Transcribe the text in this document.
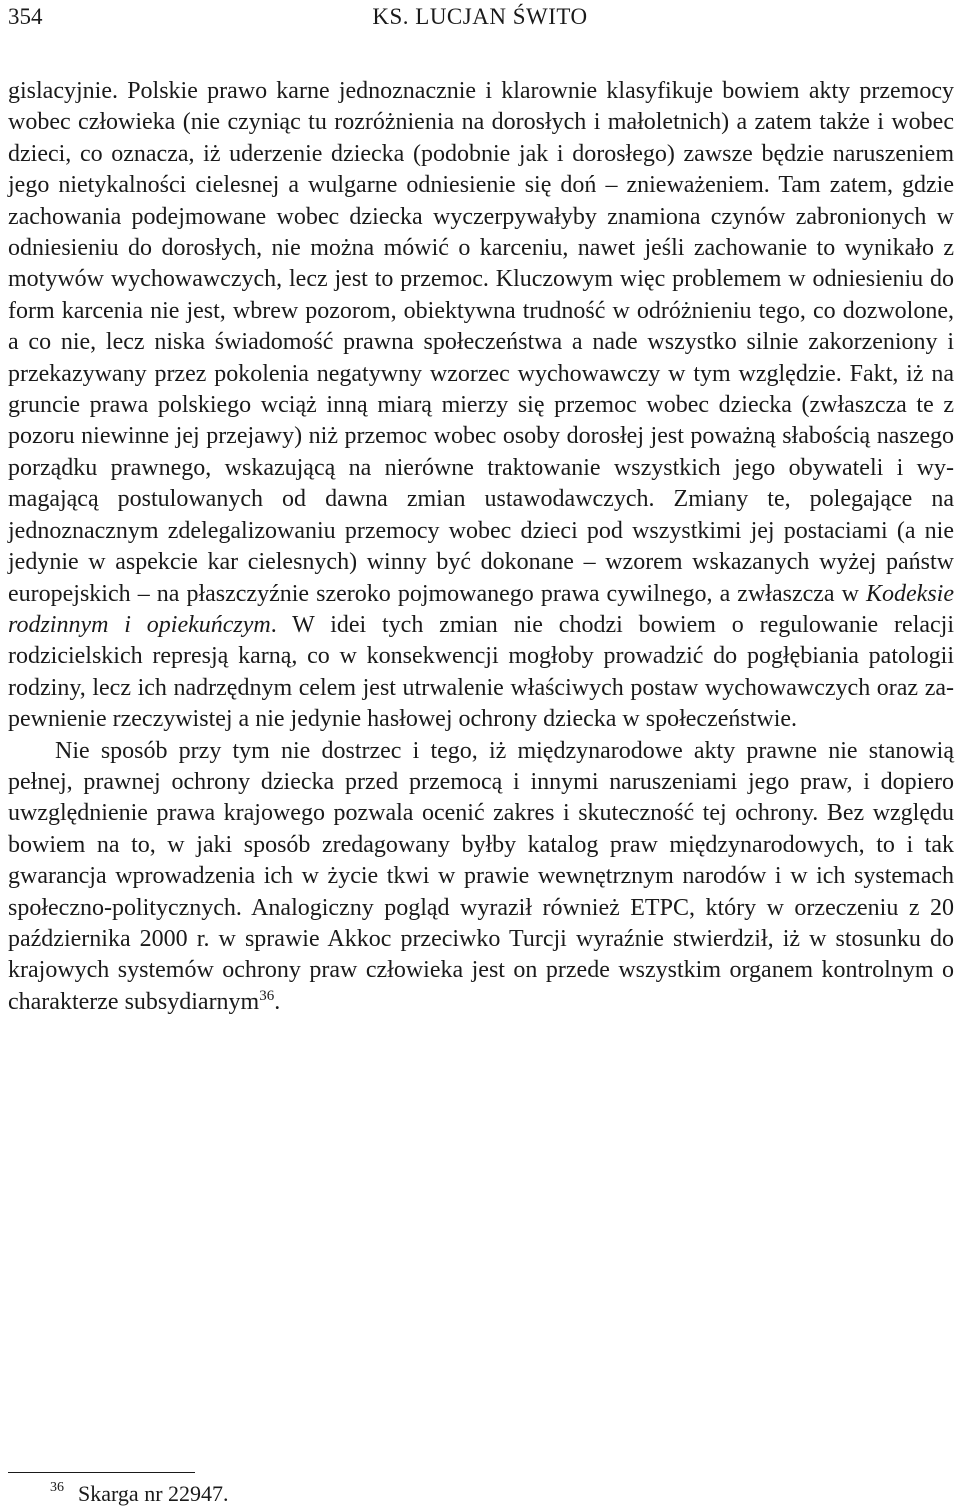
354	KS. LUCJAN ŚWITO

gislacyjnie. Polskie prawo karne jednoznacznie i klarownie klasyfikuje bowiem akty przemocy wobec człowieka (nie czyniąc tu rozróżnienia na dorosłych i małoletnich) a zatem także i wobec dzieci, co oznacza, iż uderzenie dziecka (podobnie jak i dorosłego) zawsze będzie naruszeniem jego nietykalności cielesnej a wulgarne odniesienie się doń – znieważeniem. Tam zatem, gdzie zachowania podejmowane wobec dziecka wyczerpywałyby znamiona czynów zabronionych w odniesieniu do dorosłych, nie można mówić o karceniu, nawet jeśli zachowanie to wynikało z motywów wychowawczych, lecz jest to przemoc. Kluczowym więc problemem w odniesieniu do form karcenia nie jest, wbrew pozorom, obiektywna trudność w odróżnieniu tego, co dozwolone, a co nie, lecz niska świadomość prawna społeczeństwa a nade wszystko silnie zakorzeniony i przekazywany przez pokolenia negatywny wzorzec wychowawczy w tym względzie. Fakt, iż na gruncie prawa polskiego wciąż inną miarą mierzy się przemoc wobec dziecka (zwłaszcza te z pozoru niewinne jej przejawy) niż przemoc wobec osoby dorosłej jest poważną słabością naszego porządku prawnego, wskazującą na nierówne traktowanie wszystkich jego obywateli i wymagającą postulowanych od dawna zmian ustawodawczych. Zmiany te, polegające na jednoznacznym zdelegalizowaniu przemocy wobec dzieci pod wszystkimi jej postaciami (a nie jedynie w aspekcie kar cielesnych) winny być dokonane – wzorem wskazanych wyżej państw europejskich – na płaszczyźnie szeroko pojmowanego prawa cywilnego, a zwłaszcza w Kodeksie rodzinnym i opiekuńczym. W idei tych zmian nie chodzi bowiem o regulowanie relacji rodzicielskich represją karną, co w konsekwencji mogłoby prowadzić do pogłębiania patologii rodziny, lecz ich nadrzędnym celem jest utrwalenie właściwych postaw wychowawczych oraz zapewnienie rzeczywistej a nie jedynie hasłowej ochrony dziecka w społeczeństwie.

Nie sposób przy tym nie dostrzec i tego, iż międzynarodowe akty prawne nie stanowią pełnej, prawnej ochrony dziecka przed przemocą i innymi naruszeniami jego praw, i dopiero uwzględnienie prawa krajowego pozwala ocenić zakres i skuteczność tej ochrony. Bez względu bowiem na to, w jaki sposób zredagowany byłby katalog praw międzynarodowych, to i tak gwarancja wprowadzenia ich w życie tkwi w prawie wewnętrznym narodów i w ich systemach społeczno-politycznych. Analogiczny pogląd wyraził również ETPC, który w orzeczeniu z 20 października 2000 r. w sprawie Akkoc przeciwko Turcji wyraźnie stwierdził, iż w stosunku do krajowych systemów ochrony praw człowieka jest on przede wszystkim organem kontrolnym o charakterze subsydiarnym$^{36}$.

$^{36}$ Skarga nr 22947.
